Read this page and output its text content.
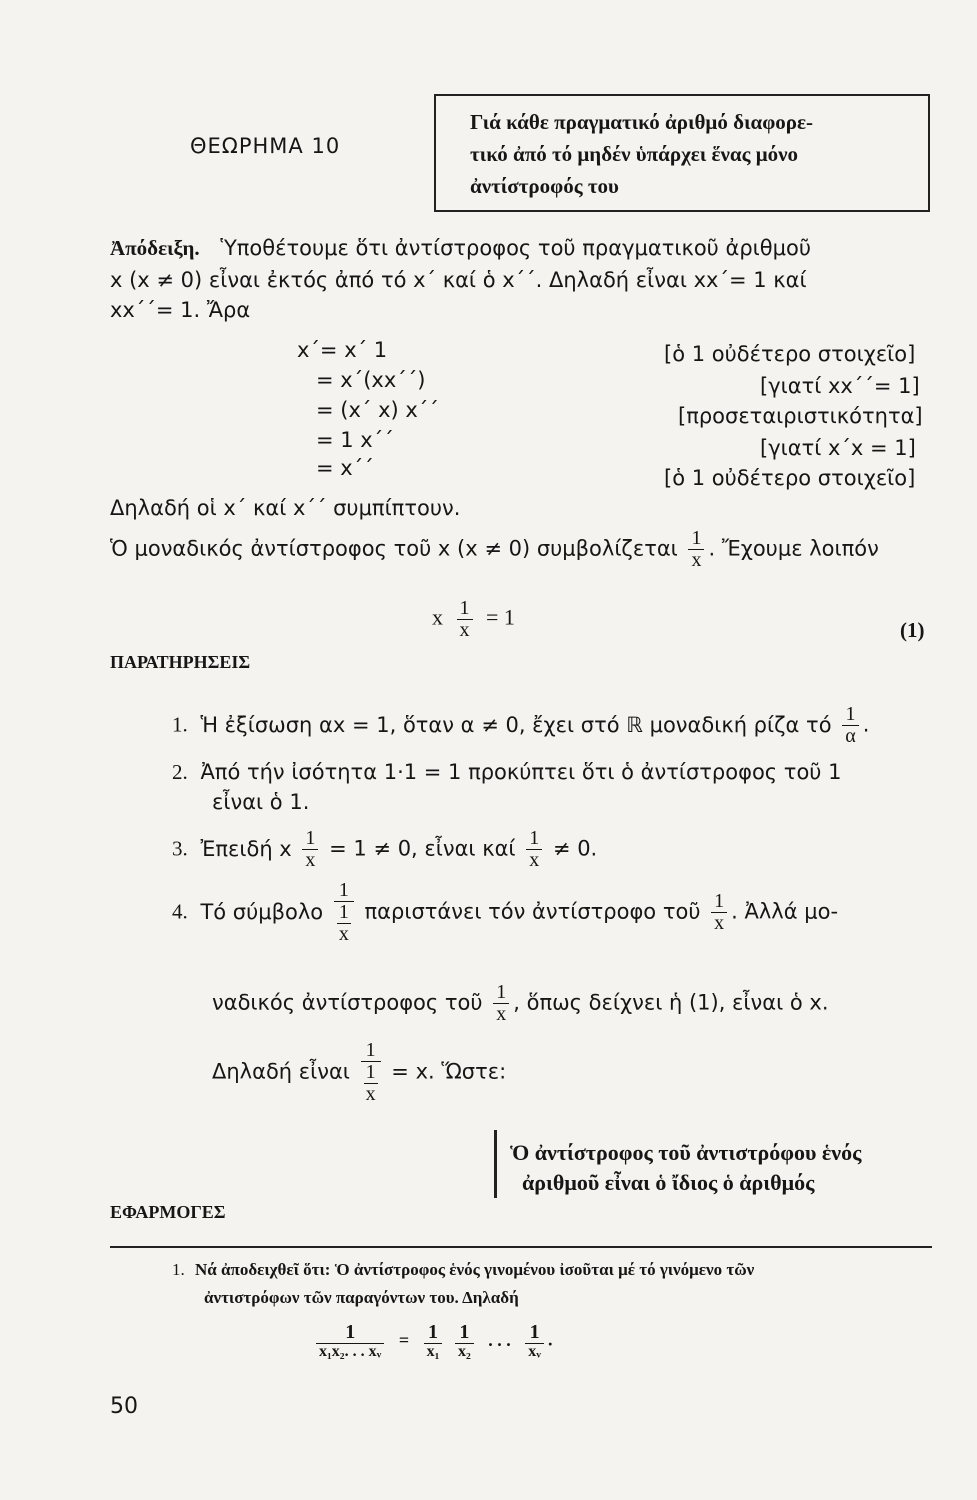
ΘΕΩΡΗΜΑ 10
Γιά κάθε πραγματικό ἀριθμό διαφορε-
τικό ἀπό τό μηδέν ὑπάρχει ἕνας μόνο
ἀντίστροφός του
Ἀπόδειξη. Ὑποθέτουμε ὅτι ἀντίστροφος τοῦ πραγματικοῦ ἀριθμοῦ
x (x ≠ 0) εἶναι ἐκτός ἀπό τό x΄ καί ὁ x΄΄. Δηλαδή εἶναι xx΄= 1 καί
xx΄΄= 1. Ἄρα
x΄= x΄ 1	[ὁ 1 οὐδέτερο στοιχεῖο]
= x΄(xx΄΄)	[γιατί xx΄΄= 1]
= (x΄ x) x΄΄	[προσεταιριστικότητα]
= 1 x΄΄	[γιατί x΄x = 1]
= x΄΄	[ὁ 1 οὐδέτερο στοιχεῖο]
Δηλαδή οἱ x΄ καί x΄΄ συμπίπτουν.
Ὁ μοναδικός ἀντίστροφος τοῦ x (x ≠ 0) συμβολίζεται $\frac{1}{x}$ . Ἔχουμε λοιπόν
x $\frac{1}{x} = 1$
(1)
ΠΑΡΑΤΗΡΗΣΕΙΣ
1. Ἡ ἐξίσωση αx = 1, ὅταν α ≠ 0, ἔχει στό ℝ μοναδική ρίζα τό $\frac{1}{\alpha}$ .
2. Ἀπό τήν ἰσότητα 1·1 = 1 προκύπτει ὅτι ὁ ἀντίστροφος τοῦ 1
εἶναι ὁ 1.
3. Ἐπειδή x $\frac{1}{x} = 1 \ne 0$, εἶναι καί $\frac{1}{x} \ne 0$.
4. Τό σύμβολο $\frac{1}{\frac{1}{x}}$ παριστάνει τόν ἀντίστροφο τοῦ $\frac{1}{x}$ . Ἀλλά μο-
ναδικός ἀντίστροφος τοῦ $\frac{1}{x}$ , ὅπως δείχνει ἡ (1), εἶναι ὁ x.
Δηλαδή εἶναι $\frac{1}{\frac{1}{x}} = x$. Ὥστε:
Ὁ ἀντίστροφος τοῦ ἀντιστρόφου ἑνός
ἀριθμοῦ εἶναι ὁ ἴδιος ὁ ἀριθμός
ΕΦΑΡΜΟΓΕΣ
1. Νά ἀποδειχθεῖ ὅτι: Ὁ ἀντίστροφος ἑνός γινομένου ἰσοῦται μέ τό γινόμενο τῶν
ἀντιστρόφων τῶν παραγόντων του. Δηλαδή
$\frac{1}{\text{x₁x₂. . . xᵥ}} = \frac{1}{\text{x₁}}$
$\frac{1}{\text{x₂}}$ . . . $\frac{1}{\text{xᵥ}}$ .
50
